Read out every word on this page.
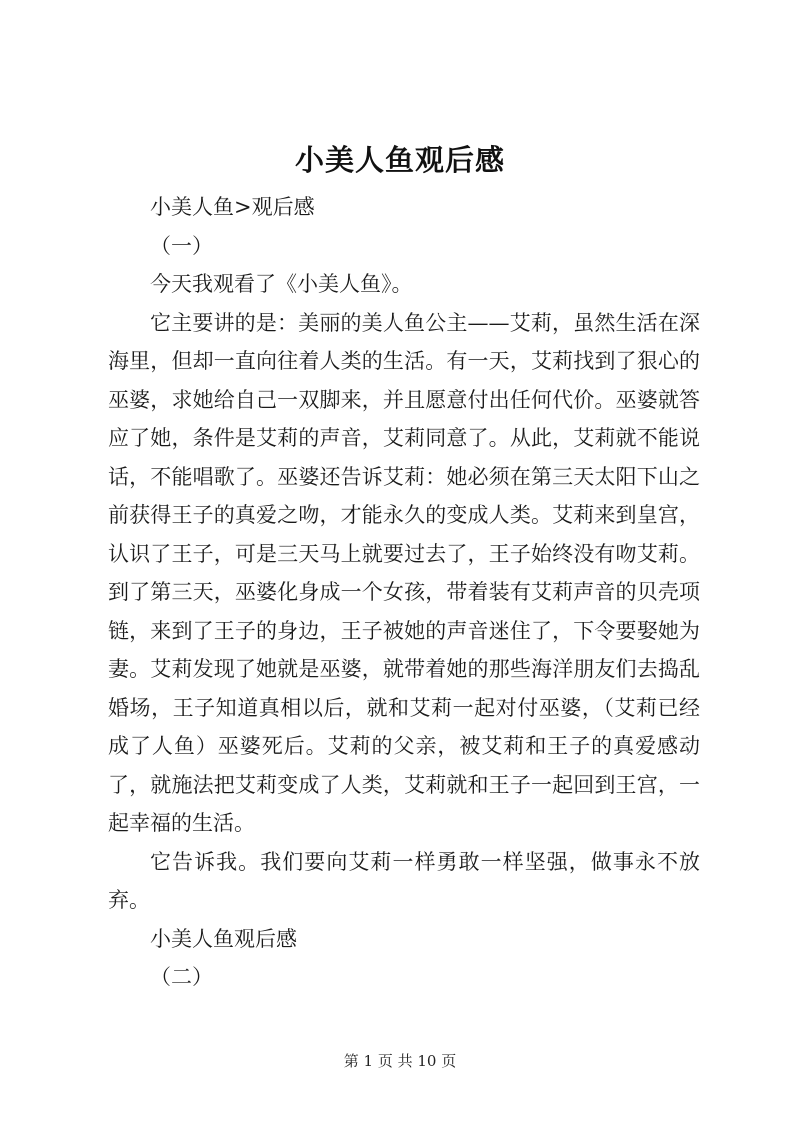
小美人鱼观后感

小美人鱼>观后感

（一）

今天我观看了《小美人鱼》。

它主要讲的是：美丽的美人鱼公主——艾莉，虽然生活在深海里，但却一直向往着人类的生活。有一天，艾莉找到了狠心的巫婆，求她给自己一双脚来，并且愿意付出任何代价。巫婆就答应了她，条件是艾莉的声音，艾莉同意了。从此，艾莉就不能说话，不能唱歌了。巫婆还告诉艾莉：她必须在第三天太阳下山之前获得王子的真爱之吻，才能永久的变成人类。艾莉来到皇宫，认识了王子，可是三天马上就要过去了，王子始终没有吻艾莉。到了第三天，巫婆化身成一个女孩，带着装有艾莉声音的贝壳项链，来到了王子的身边，王子被她的声音迷住了，下令要娶她为妻。艾莉发现了她就是巫婆，就带着她的那些海洋朋友们去捣乱婚场，王子知道真相以后，就和艾莉一起对付巫婆，（艾莉已经成了人鱼）巫婆死后。艾莉的父亲，被艾莉和王子的真爱感动了，就施法把艾莉变成了人类，艾莉就和王子一起回到王宫，一起幸福的生活。

它告诉我。我们要向艾莉一样勇敢一样坚强，做事永不放弃。

小美人鱼观后感

（二）

第 1 页 共 10 页
